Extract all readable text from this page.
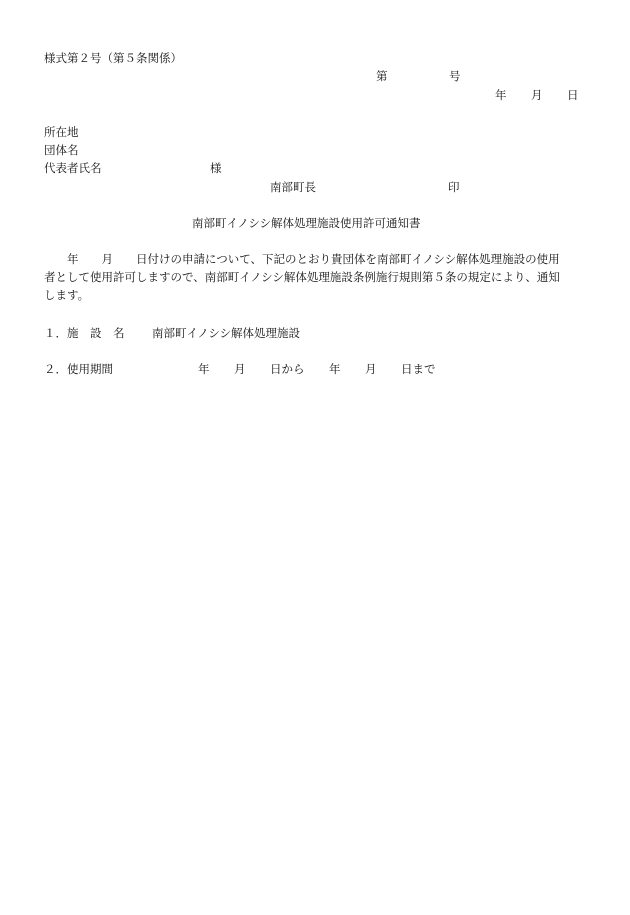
様式第２号（第５条関係）
第	号
年 月 日
所在地
団体名
代表者氏名	様
南部町長	印
南部町イノシシ解体処理施設使用許可通知書
　　年　　月　　日付けの申請について、下記のとおり貴団体を南部町イノシシ解体処理施設の使用
者として使用許可しますので、南部町イノシシ解体処理施設条例施行規則第５条の規定により、通知
します。
１．施　設　名 南部町イノシシ解体処理施設
２．使用期間	年 月 日から 年 月 日まで
